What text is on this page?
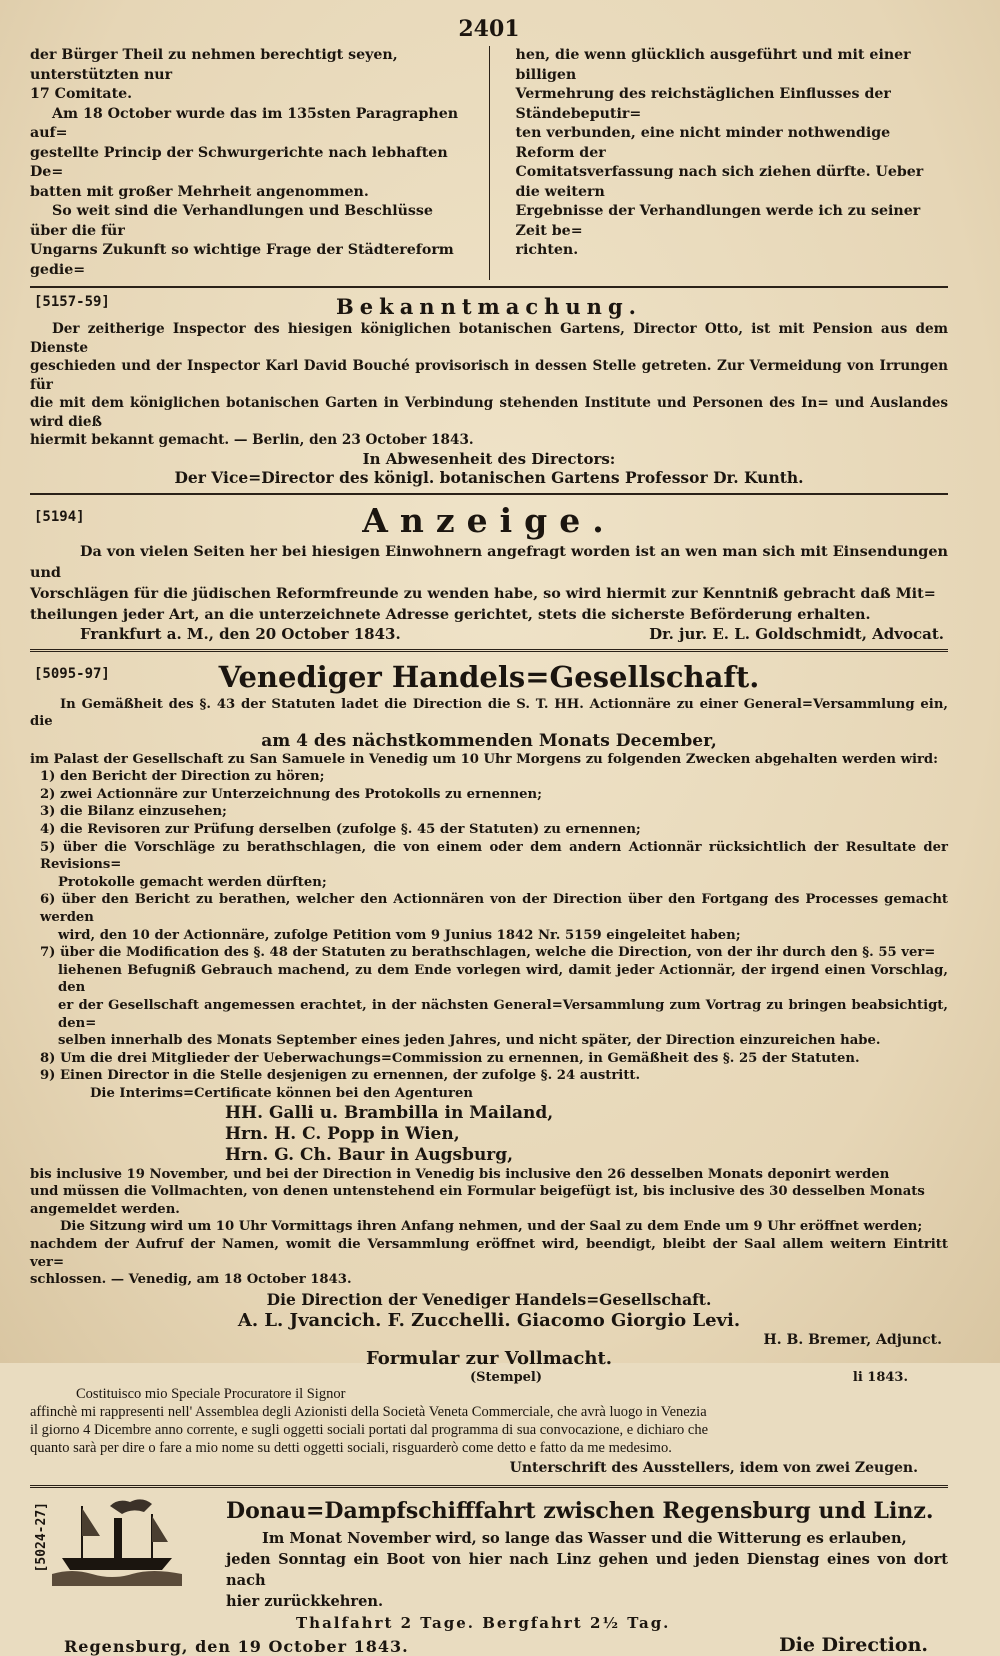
2401
der Bürger Theil zu nehmen berechtigt seyen, unterstützten nur
17 Comitate.
Am 18 October wurde das im 135sten Paragraphen auf=
gestellte Princip der Schwurgerichte nach lebhaften De=
batten mit großer Mehrheit angenommen.
So weit sind die Verhandlungen und Beschlüsse über die für
Ungarns Zukunft so wichtige Frage der Städtereform gedie=
hen, die wenn glücklich ausgeführt und mit einer billigen
Vermehrung des reichstäglichen Einflusses der Ständebeputir=
ten verbunden, eine nicht minder nothwendige Reform der
Comitatsverfassung nach sich ziehen dürfte. Ueber die weitern
Ergebnisse der Verhandlungen werde ich zu seiner Zeit be=
richten.
[5157-59]	Bekanntmachung.
Der zeitherige Inspector des hiesigen königlichen botanischen Gartens, Director Otto, ist mit Pension aus dem Dienste
geschieden und der Inspector Karl David Bouché provisorisch in dessen Stelle getreten. Zur Vermeidung von Irrungen für
die mit dem königlichen botanischen Garten in Verbindung stehenden Institute und Personen des In= und Auslandes wird dieß
hiermit bekannt gemacht. — Berlin, den 23 October 1843.
In Abwesenheit des Directors:
Der Vice=Director des königl. botanischen Gartens Professor Dr. Kunth.
[5194]	Anzeige.
Da von vielen Seiten her bei hiesigen Einwohnern angefragt worden ist an wen man sich mit Einsendungen und
Vorschlägen für die jüdischen Reformfreunde zu wenden habe, so wird hiermit zur Kenntniß gebracht daß Mit=
theilungen jeder Art, an die unterzeichnete Adresse gerichtet, stets die sicherste Beförderung erhalten.
Frankfurt a. M., den 20 October 1843.	Dr. jur. E. L. Goldschmidt, Advocat.
[5095-97]	Venediger Handels=Gesellschaft.
In Gemäßheit des §. 43 der Statuten ladet die Direction die S. T. HH. Actionnäre zu einer General=Versammlung ein, die
am 4 des nächstkommenden Monats December,
im Palast der Gesellschaft zu San Samuele in Venedig um 10 Uhr Morgens zu folgenden Zwecken abgehalten werden wird:
1) den Bericht der Direction zu hören;
2) zwei Actionnäre zur Unterzeichnung des Protokolls zu ernennen;
3) die Bilanz einzusehen;
4) die Revisoren zur Prüfung derselben (zufolge §. 45 der Statuten) zu ernennen;
5) über die Vorschläge zu berathschlagen, die von einem oder dem andern Actionnär rücksichtlich der Resultate der Revisions=
Protokolle gemacht werden dürften;
6) über den Bericht zu berathen, welcher den Actionnären von der Direction über den Fortgang des Processes gemacht werden
wird, den 10 der Actionnäre, zufolge Petition vom 9 Junius 1842 Nr. 5159 eingeleitet haben;
7) über die Modification des §. 48 der Statuten zu berathschlagen, welche die Direction, von der ihr durch den §. 55 ver=
liehenen Befugniß Gebrauch machend, zu dem Ende vorlegen wird, damit jeder Actionnär, der irgend einen Vorschlag, den
er der Gesellschaft angemessen erachtet, in der nächsten General=Versammlung zum Vortrag zu bringen beabsichtigt, den=
selben innerhalb des Monats September eines jeden Jahres, und nicht später, der Direction einzureichen habe.
8) Um die drei Mitglieder der Ueberwachungs=Commission zu ernennen, in Gemäßheit des §. 25 der Statuten.
9) Einen Director in die Stelle desjenigen zu ernennen, der zufolge §. 24 austritt.
Die Interims=Certificate können bei den Agenturen
HH. Galli u. Brambilla in Mailand,
Hrn. H. C. Popp in Wien,
Hrn. G. Ch. Baur in Augsburg,
bis inclusive 19 November, und bei der Direction in Venedig bis inclusive den 26 desselben Monats deponirt werden
und müssen die Vollmachten, von denen untenstehend ein Formular beigefügt ist, bis inclusive des 30 desselben Monats
angemeldet werden.
Die Sitzung wird um 10 Uhr Vormittags ihren Anfang nehmen, und der Saal zu dem Ende um 9 Uhr eröffnet werden;
nachdem der Aufruf der Namen, womit die Versammlung eröffnet wird, beendigt, bleibt der Saal allem weitern Eintritt ver=
schlossen. — Venedig, am 18 October 1843.
Die Direction der Venediger Handels=Gesellschaft.
A. L. Jvancich. F. Zucchelli. Giacomo Giorgio Levi.
H. B. Bremer, Adjunct.
Formular zur Vollmacht.
(Stempel)	li 1843.
Costituisco mio Speciale Procuratore il Signor
affinchè mi rappresenti nell' Assemblea degli Azionisti della Società Veneta Commerciale, che avrà luogo in Venezia
il giorno 4 Dicembre anno corrente, e sugli oggetti sociali portati dal programma di sua convocazione, e dichiaro che
quanto sarà per dire o fare a mio nome su detti oggetti sociali, risguarderò come detto e fatto da me medesimo.
Unterschrift des Ausstellers, idem von zwei Zeugen.
[5024-27]	Donau=Dampfschifffahrt zwischen Regensburg und Linz.
Im Monat November wird, so lange das Wasser und die Witterung es erlauben,
jeden Sonntag ein Boot von hier nach Linz gehen und jeden Dienstag eines von dort nach
hier zurückkehren.
Thalfahrt 2 Tage. Bergfahrt 2½ Tag.
Regensburg, den 19 October 1843.	Die Direction.
